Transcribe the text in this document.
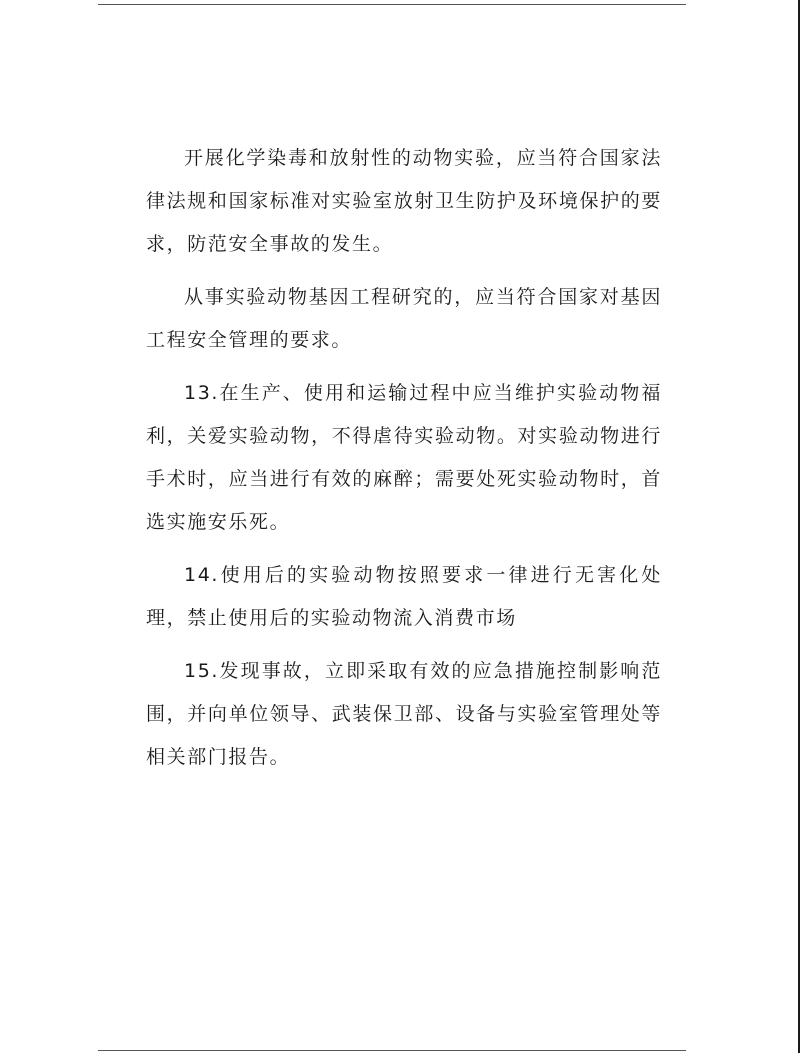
开展化学染毒和放射性的动物实验，应当符合国家法律法规和国家标准对实验室放射卫生防护及环境保护的要求，防范安全事故的发生。

从事实验动物基因工程研究的，应当符合国家对基因工程安全管理的要求。

13.在生产、使用和运输过程中应当维护实验动物福利，关爱实验动物，不得虐待实验动物。对实验动物进行手术时，应当进行有效的麻醉；需要处死实验动物时，首选实施安乐死。

14.使用后的实验动物按照要求一律进行无害化处理，禁止使用后的实验动物流入消费市场

15.发现事故，立即采取有效的应急措施控制影响范围，并向单位领导、武装保卫部、设备与实验室管理处等相关部门报告。
